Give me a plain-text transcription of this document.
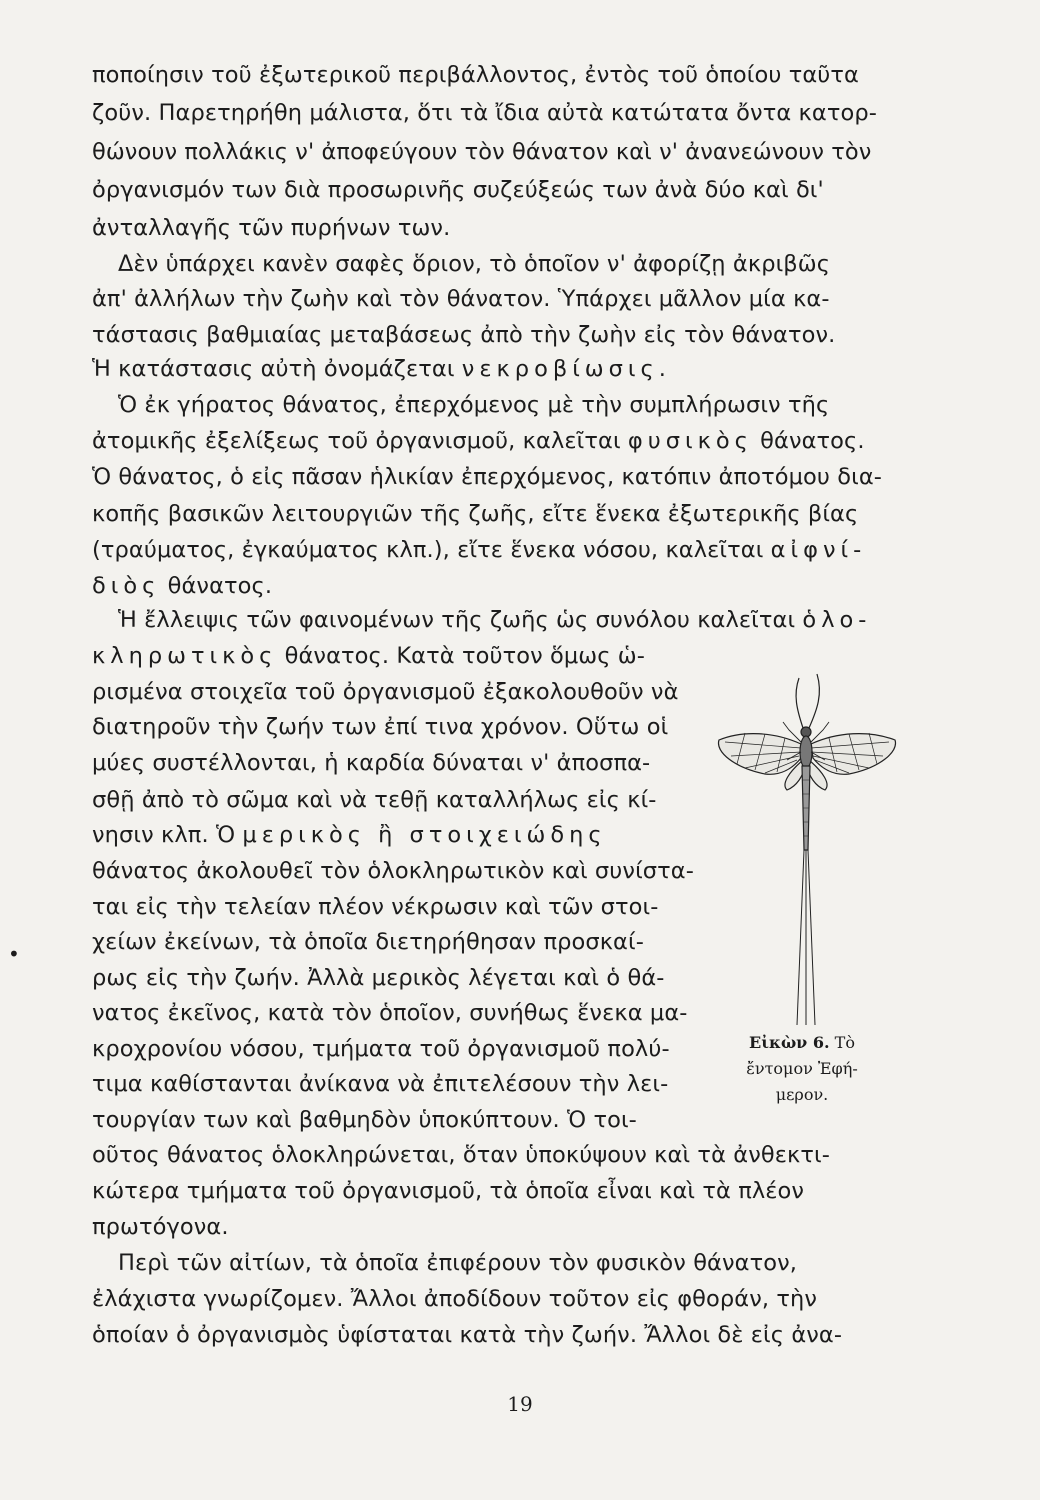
ποποίησιν τοῦ ἐξωτερικοῦ περιβάλλοντος, ἐντὸς τοῦ ὁποίου ταῦτα
ζοῦν. Παρετηρήθη μάλιστα, ὅτι τὰ ἴδια αὐτὰ κατώτατα ὄντα κατορ-
θώνουν πολλάκις ν' ἀποφεύγουν τὸν θάνατον καὶ ν' ἀνανεώνουν τὸν
ὀργανισμόν των διὰ προσωρινῆς συζεύξεώς των ἀνὰ δύο καὶ δι'
ἀνταλλαγῆς τῶν πυρήνων των.
Δὲν ὑπάρχει κανὲν σαφὲς ὅριον, τὸ ὁποῖον ν' ἀφορίζῃ ἀκριβῶς
ἀπ' ἀλλήλων τὴν ζωὴν καὶ τὸν θάνατον. Ὑπάρχει μᾶλλον μία κα-
τάστασις βαθμιαίας μεταβάσεως ἀπὸ τὴν ζωὴν εἰς τὸν θάνατον.
Ἡ κατάστασις αὐτὴ ὀνομάζεται νεκροβίωσις.
Ὁ ἐκ γήρατος θάνατος, ἐπερχόμενος μὲ τὴν συμπλήρωσιν τῆς
ἀτομικῆς ἐξελίξεως τοῦ ὀργανισμοῦ, καλεῖται φυσικὸς θάνατος.
Ὁ θάνατος, ὁ εἰς πᾶσαν ἡλικίαν ἐπερχόμενος, κατόπιν ἀποτόμου δια-
κοπῆς βασικῶν λειτουργιῶν τῆς ζωῆς, εἴτε ἕνεκα ἐξωτερικῆς βίας
(τραύματος, ἐγκαύματος κλπ.), εἴτε ἕνεκα νόσου, καλεῖται αἰφνί-
διὸς θάνατος.
Ἡ ἔλλειψις τῶν φαινομένων τῆς ζωῆς ὡς συνόλου καλεῖται ὁλο-
κληρωτικὸς θάνατος. Κατὰ τοῦτον ὅμως ὡ-
ρισμένα στοιχεῖα τοῦ ὀργανισμοῦ ἐξακολουθοῦν νὰ
διατηροῦν τὴν ζωήν των ἐπί τινα χρόνον. Οὕτω οἱ
μύες συστέλλονται, ἡ καρδία δύναται ν' ἀποσπα-
σθῇ ἀπὸ τὸ σῶμα καὶ νὰ τεθῇ καταλλήλως εἰς κί-
νησιν κλπ. Ὁ μερικὸς ἢ στοιχειώδης
θάνατος ἀκολουθεῖ τὸν ὁλοκληρωτικὸν καὶ συνίστα-
ται εἰς τὴν τελείαν πλέον νέκρωσιν καὶ τῶν στοι-
χείων ἐκείνων, τὰ ὁποῖα διετηρήθησαν προσκαί-
ρως εἰς τὴν ζωήν. Ἀλλὰ μερικὸς λέγεται καὶ ὁ θά-
νατος ἐκεῖνος, κατὰ τὸν ὁποῖον, συνήθως ἕνεκα μα-
κροχρονίου νόσου, τμήματα τοῦ ὀργανισμοῦ πολύ-
τιμα καθίστανται ἀνίκανα νὰ ἐπιτελέσουν τὴν λει-
τουργίαν των καὶ βαθμηδὸν ὑποκύπτουν. Ὁ τοι-
οῦτος θάνατος ὁλοκληρώνεται, ὅταν ὑποκύψουν καὶ τὰ ἀνθεκτι-
κώτερα τμήματα τοῦ ὀργανισμοῦ, τὰ ὁποῖα εἶναι καὶ τὰ πλέον
πρωτόγονα.
Περὶ τῶν αἰτίων, τὰ ὁποῖα ἐπιφέρουν τὸν φυσικὸν θάνατον,
ἐλάχιστα γνωρίζομεν. Ἄλλοι ἀποδίδουν τοῦτον εἰς φθοράν, τὴν
ὁποίαν ὁ ὀργανισμὸς ὑφίσταται κατὰ τὴν ζωήν. Ἄλλοι δὲ εἰς ἀνα-
Εἰκὼν 6. Τὸ
ἔντομον Ἐφή-
μερον.
•
19
